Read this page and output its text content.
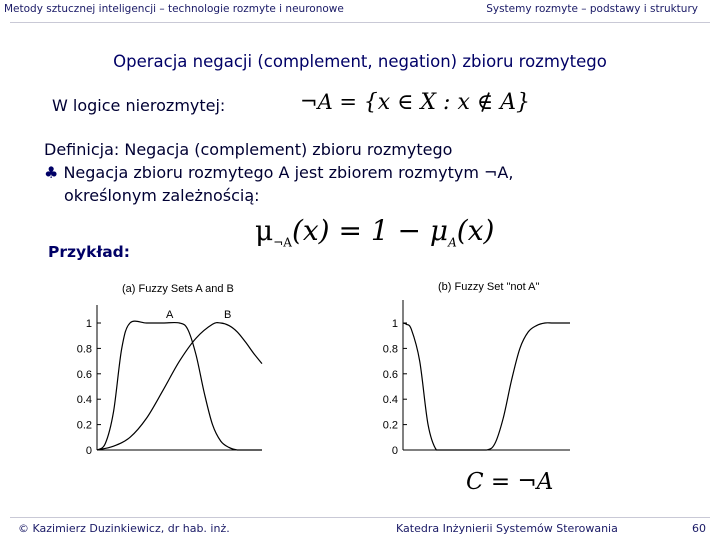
Metody sztucznej inteligencji – technologie rozmyte i neuronowe	Systemy rozmyte – podstawy i struktury
Operacja negacji (complement, negation) zbioru rozmytego
W logice nierozmytej:	¬A = {x ∈ X : x ∉ A}
Definicja: Negacja (complement) zbioru rozmytego
♣ Negacja zbioru rozmytego A jest zbiorem rozmytym ¬A,
określonym zależnością:
$\mu_{\neg A}(x) = 1 - \mu_A(x)$
Przykład:
(a) Fuzzy Sets A and B
0
0.2
0.4
0.6
0.8
1
A	B
(b) Fuzzy Set "not A"
0
0.2
0.4
0.6
0.8
1
C = ¬A
© Kazimierz Duzinkiewicz, dr hab. inż.	Katedra Inżynierii Systemów Sterowania	60
